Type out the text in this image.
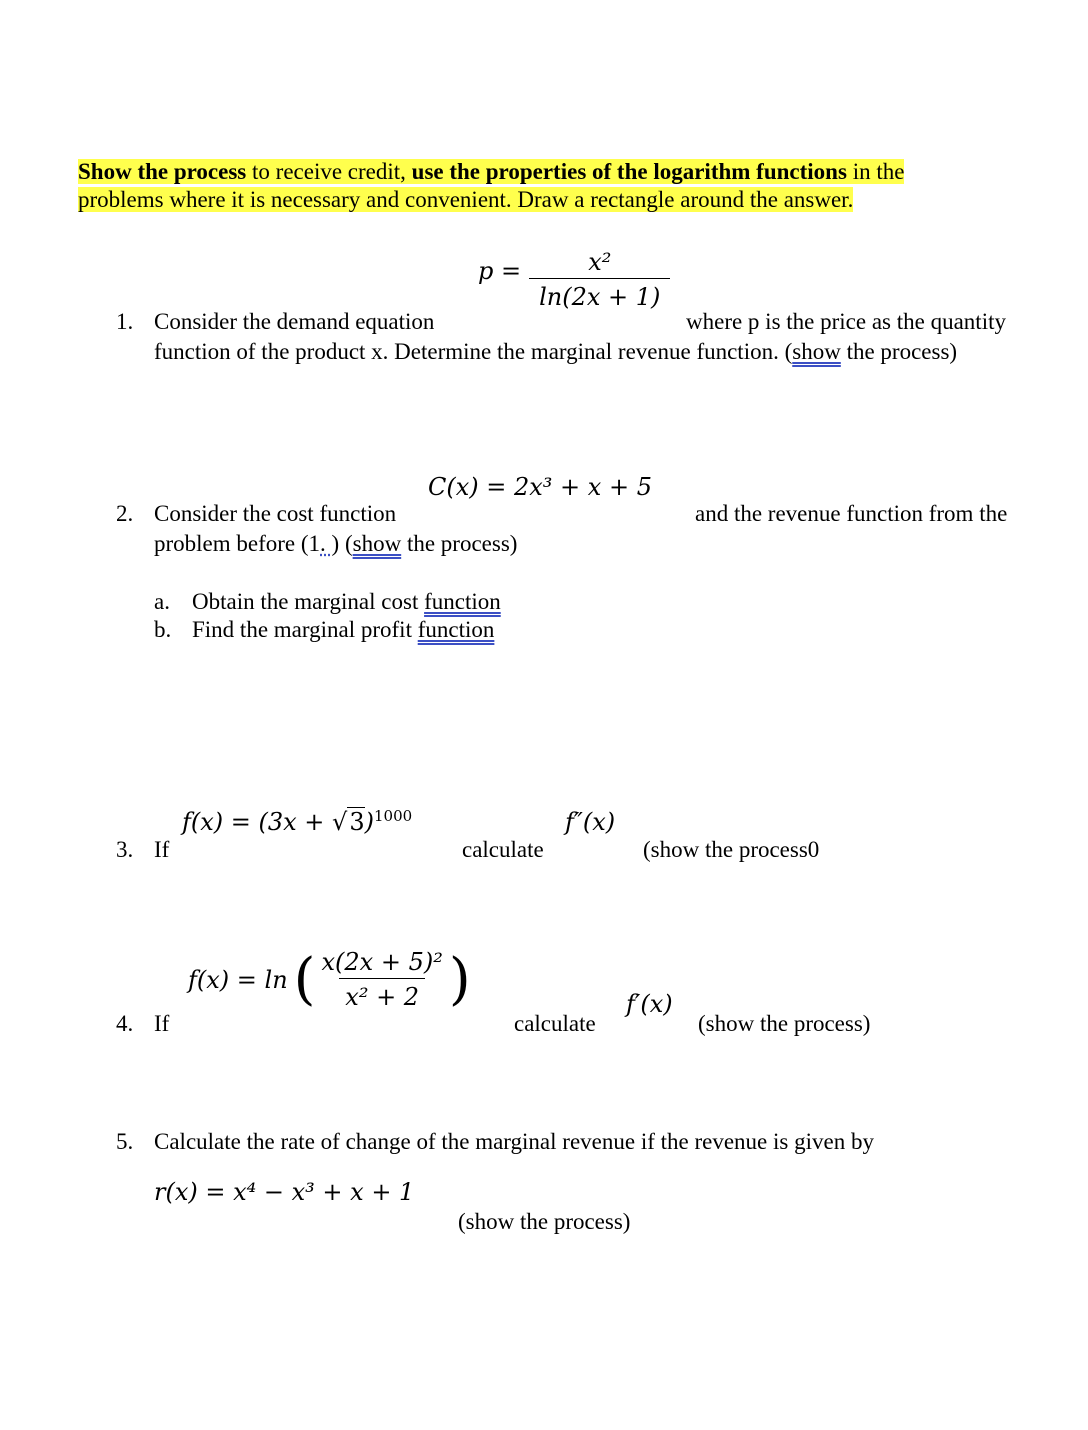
Show the process to receive credit, use the properties of the logarithm functions in the
problems where it is necessary and convenient. Draw a rectangle around the answer.
1. Consider the demand equation
$p = \frac{\text{x²}}{\ln(2x + 1)}$
where p is the price as the quantity
function of the product x. Determine the marginal revenue function. (show the process)
C(x) = 2x³ + x + 5
2. Consider the cost function	and the revenue function from the
problem before (1. ) (show the process)
a. Obtain the marginal cost function
b. Find the marginal profit function
$f(x) = (3x + √3)^{1000}$	f″(x)
3. If	calculate	(show the process0
f(x) = ln ( $\frac{\text{x(2x + 5)²}}{\text{x² + 2}}$ )	f′(x)
4. If	calculate	(show the process)
5. Calculate the rate of change of the marginal revenue if the revenue is given by
r(x) = x⁴ − x³ + x + 1
(show the process)
